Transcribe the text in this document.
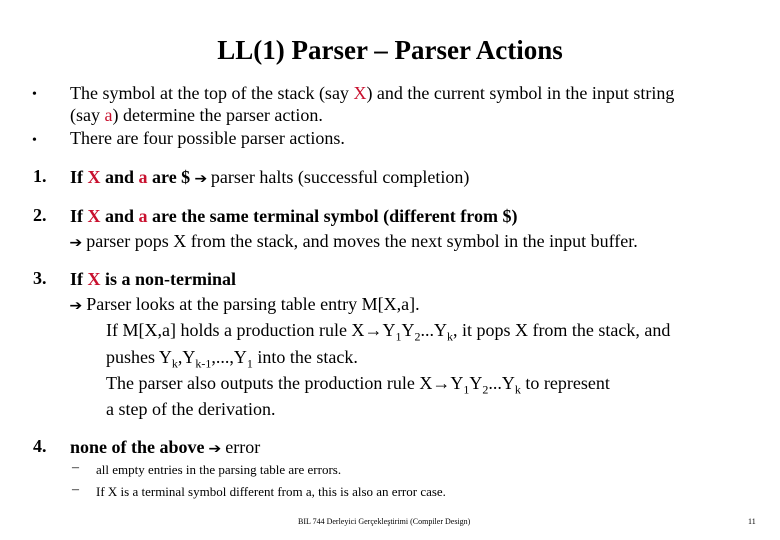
LL(1) Parser – Parser Actions
• The symbol at the top of the stack (say X) and the current symbol in the input string
(say a) determine the parser action.
• There are four possible parser actions.
1. If X and a are $ ➔ parser halts (successful completion)
2. If X and a are the same terminal symbol (different from $)
➔ parser pops X from the stack, and moves the next symbol in the input buffer.
3. If X is a non-terminal
➔ Parser looks at the parsing table entry M[X,a].
If M[X,a] holds a production rule $X\to Y_1Y_2...Y_k$, it pops X from the stack, and
pushes $Y_k,Y_{k-1},...,Y_1$ into the stack.
The parser also outputs the production rule $X\to Y_1Y_2...Y_k$ to represent
a step of the derivation.
4. none of the above ➔ error
– all empty entries in the parsing table are errors.
– If X is a terminal symbol different from a, this is also an error case.
BIL 744 Derleyici Gerçekleştirimi (Compiler Design)	11
